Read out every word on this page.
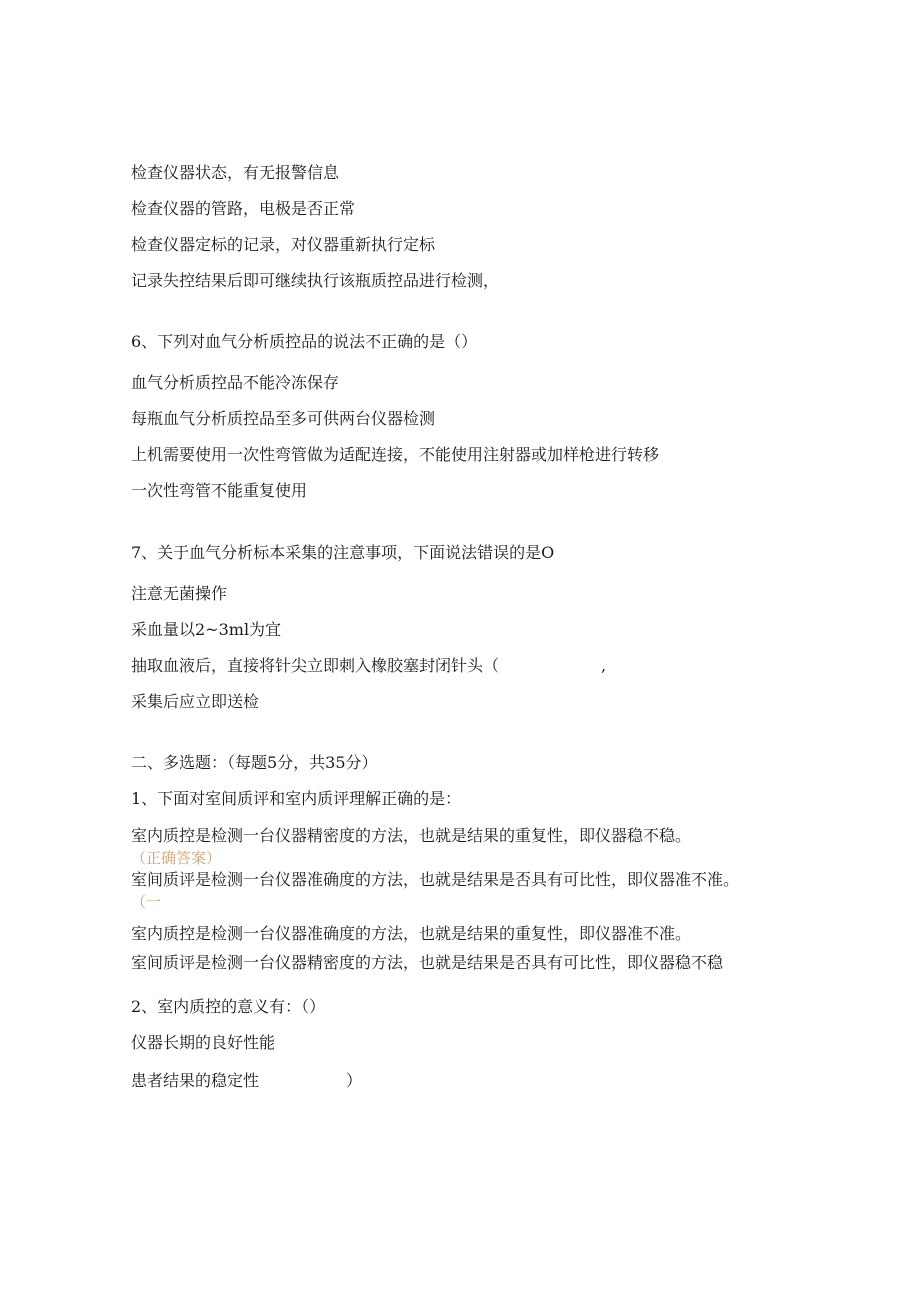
检查仪器状态，有无报警信息
检查仪器的管路，电极是否正常
检查仪器定标的记录，对仪器重新执行定标
记录失控结果后即可继续执行该瓶质控品进行检测，
6、下列对血气分析质控品的说法不正确的是（）
血气分析质控品不能冷冻保存
每瓶血气分析质控品至多可供两台仪器检测
上机需要使用一次性弯管做为适配连接，不能使用注射器或加样枪进行转移
一次性弯管不能重复使用
7、关于血气分析标本采集的注意事项，下面说法错误的是O
注意无菌操作
采血量以2~3ml为宜
抽取血液后，直接将针尖立即刺入橡胶塞封闭针头（	,
采集后应立即送检
二、多选题：（每题5分，共35分）
1、下面对室间质评和室内质评理解正确的是：
室内质控是检测一台仪器精密度的方法，也就是结果的重复性，即仪器稳不稳。
（正确答案）
室间质评是检测一台仪器准确度的方法，也就是结果是否具有可比性，即仪器准不准。
（一
室内质控是检测一台仪器准确度的方法，也就是结果的重复性，即仪器准不准。
室间质评是检测一台仪器精密度的方法，也就是结果是否具有可比性，即仪器稳不稳
2、室内质控的意义有：（）
仪器长期的良好性能
患者结果的稳定性	）
